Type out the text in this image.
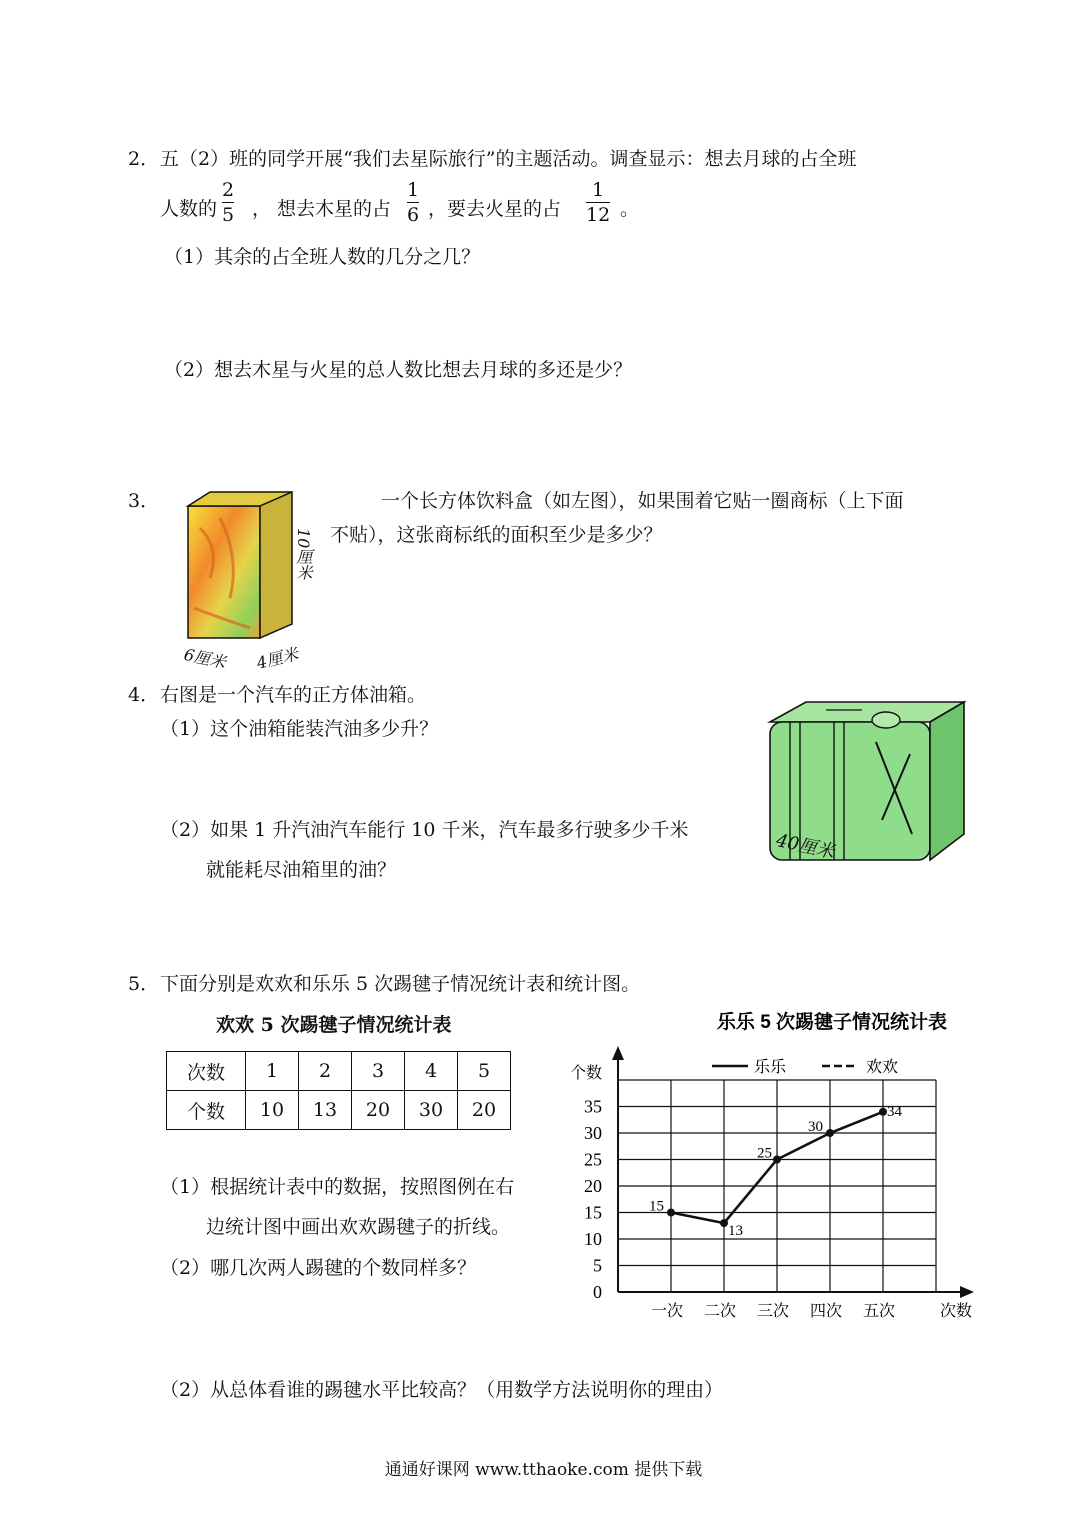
2． 五（2）班的同学开展“我们去星际旅行”的主题活动。调查显示：想去月球的占全班
人数的
2
5 ， 想去木星的占
1
6 ，要去火星的占
1
12 。
（1）其余的占全班人数的几分之几？
（2）想去木星与火星的总人数比想去月球的多还是少？
3．
10厘米
6厘米 4厘米
一个长方体饮料盒（如左图），如果围着它贴一圈商标（上下面
不贴），这张商标纸的面积至少是多少？
4． 右图是一个汽车的正方体油箱。
（1）这个油箱能装汽油多少升？
（2）如果 1 升汽油汽车能行 10 千米，汽车最多行驶多少千米
就能耗尽油箱里的油？
40厘米
5． 下面分别是欢欢和乐乐 5 次踢毽子情况统计表和统计图。
欢欢 5 次踢毽子情况统计表
次数	1	2	3	4	5
个数	10	13	20	30	20
（1）根据统计表中的数据，按照图例在右
边统计图中画出欢欢踢毽子的折线。
（2）哪几次两人踢毽的个数同样多？
（2）从总体看谁的踢毽水平比较高？（用数学方法说明你的理由）
乐乐 5 次踢毽子情况统计表
0
5
10
15
20
25
30
35
一次 二次 三次 四次 五次
个数
次数
15
13
25
30
34
乐乐	欢欢
通通好课网 www.tthaoke.com 提供下载
